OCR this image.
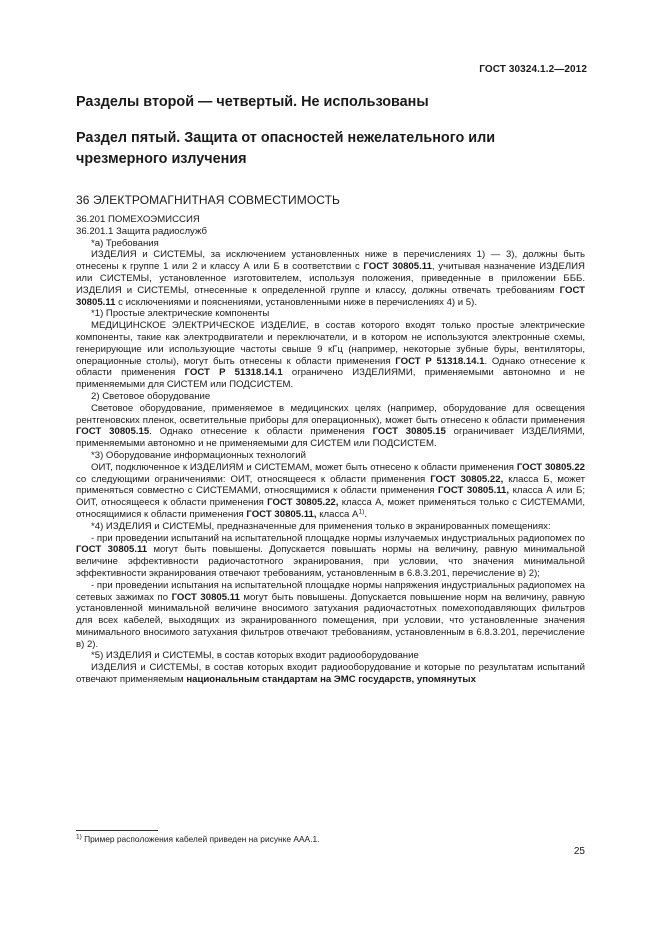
ГОСТ 30324.1.2—2012
Разделы второй — четвертый. Не использованы
Раздел пятый. Защита от опасностей нежелательного или
чрезмерного излучения
36 ЭЛЕКТРОМАГНИТНАЯ СОВМЕСТИМОСТЬ

36.201 ПОМЕХОЭМИССИЯ

36.201.1 Защита радиослужб

*а) Требования

ИЗДЕЛИЯ и СИСТЕМЫ, за исключением установленных ниже в перечислениях 1) — 3), должны быть отнесены к группе 1 или 2 и классу А или Б в соответствии с ГОСТ 30805.11, учитывая назначение ИЗДЕЛИЯ или СИСТЕМЫ, установленное изготовителем, используя положения, приведенные в приложении БББ. ИЗДЕЛИЯ и СИСТЕМЫ, отнесенные к определенной группе и классу, должны отвечать требованиям ГОСТ 30805.11 с исключениями и пояснениями, установленными ниже в перечислениях 4) и 5).

*1) Простые электрические компоненты

МЕДИЦИНСКОЕ ЭЛЕКТРИЧЕСКОЕ ИЗДЕЛИЕ, в состав которого входят только простые электрические компоненты, такие как электродвигатели и переключатели, и в котором не используются электронные схемы, генерирующие или использующие частоты свыше 9 кГц (например, некоторые зубные буры, вентиляторы, операционные столы), могут быть отнесены к области применения ГОСТ Р 51318.14.1. Однако отнесение к области применения ГОСТ Р 51318.14.1 ограничено ИЗДЕЛИЯМИ, применяемыми автономно и не применяемыми для СИСТЕМ или ПОДСИСТЕМ.

2) Световое оборудование

Световое оборудование, применяемое в медицинских целях (например, оборудование для освещения рентгеновских пленок, осветительные приборы для операционных), может быть отнесено к области применения ГОСТ 30805.15. Однако отнесение к области применения ГОСТ 30805.15 ограничивает ИЗДЕЛИЯМИ, применяемыми автономно и не применяемыми для СИСТЕМ или ПОДСИСТЕМ.

*3) Оборудование информационных технологий

ОИТ, подключенное к ИЗДЕЛИЯМ и СИСТЕМАМ, может быть отнесено к области применения ГОСТ 30805.22 со следующими ограничениями: ОИТ, относящееся к области применения ГОСТ 30805.22, класса Б, может применяться совместно с СИСТЕМАМИ, относящимися к области применения ГОСТ 30805.11, класса А или Б; ОИТ, относящееся к области применения ГОСТ 30805.22, класса А, может применяться только с СИСТЕМАМИ, относящимися к области применения ГОСТ 30805.11, класса $А^{1)}$.

*4) ИЗДЕЛИЯ и СИСТЕМЫ, предназначенные для применения только в экранированных помещениях:

- при проведении испытаний на испытательной площадке нормы излучаемых индустриальных радиопомех по ГОСТ 30805.11 могут быть повышены. Допускается повышать нормы на величину, равную минимальной величине эффективности радиочастотного экранирования, при условии, что значения минимальной эффективности экранирования отвечают требованиям, установленным в 6.8.3.201, перечисление в) 2);

- при проведении испытания на испытательной площадке нормы напряжения индустриальных радиопомех на сетевых зажимах по ГОСТ 30805.11 могут быть повышены. Допускается повышение норм на величину, равную установленной минимальной величине вносимого затухания радиочастотных помехоподавляющих фильтров для всех кабелей, выходящих из экранированного помещения, при условии, что установленные значения минимального вносимого затухания фильтров отвечают требованиям, установленным в 6.8.3.201, перечисление в) 2).

*5) ИЗДЕЛИЯ и СИСТЕМЫ, в состав которых входит радиооборудование

ИЗДЕЛИЯ и СИСТЕМЫ, в состав которых входит радиооборудование и которые по результатам испытаний отвечают применяемым национальным стандартам на ЭМС государств, упомянутых

$^{1)}$ Пример расположения кабелей приведен на рисунке ААА.1.
25
